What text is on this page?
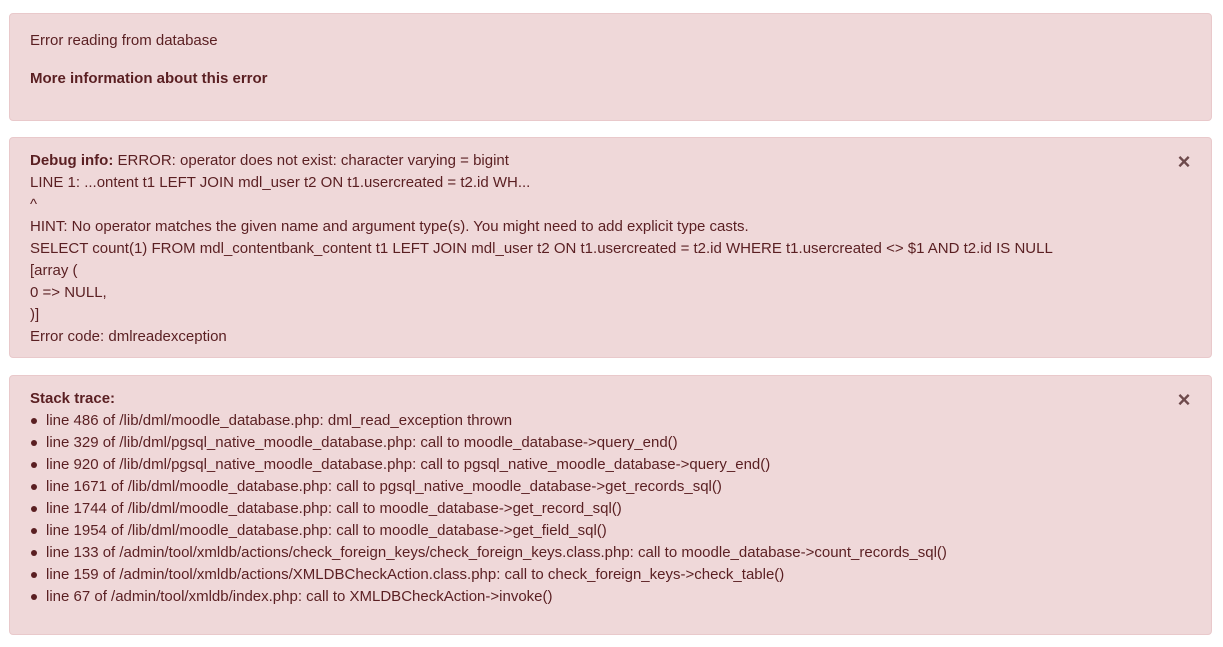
Error reading from database
More information about this error
Debug info: ERROR: operator does not exist: character varying = bigint
LINE 1: ...ontent t1 LEFT JOIN mdl_user t2 ON t1.usercreated = t2.id WH...
^
HINT: No operator matches the given name and argument type(s). You might need to add explicit type casts.
SELECT count(1) FROM mdl_contentbank_content t1 LEFT JOIN mdl_user t2 ON t1.usercreated = t2.id WHERE t1.usercreated <> $1 AND t2.id IS NULL
[array (
0 => NULL,
)]
Error code: dmlreadexception
×
Stack trace:
line 486 of /lib/dml/moodle_database.php: dml_read_exception thrown
line 329 of /lib/dml/pgsql_native_moodle_database.php: call to moodle_database->query_end()
line 920 of /lib/dml/pgsql_native_moodle_database.php: call to pgsql_native_moodle_database->query_end()
line 1671 of /lib/dml/moodle_database.php: call to pgsql_native_moodle_database->get_records_sql()
line 1744 of /lib/dml/moodle_database.php: call to moodle_database->get_record_sql()
line 1954 of /lib/dml/moodle_database.php: call to moodle_database->get_field_sql()
line 133 of /admin/tool/xmldb/actions/check_foreign_keys/check_foreign_keys.class.php: call to moodle_database->count_records_sql()
line 159 of /admin/tool/xmldb/actions/XMLDBCheckAction.class.php: call to check_foreign_keys->check_table()
line 67 of /admin/tool/xmldb/index.php: call to XMLDBCheckAction->invoke()
×
